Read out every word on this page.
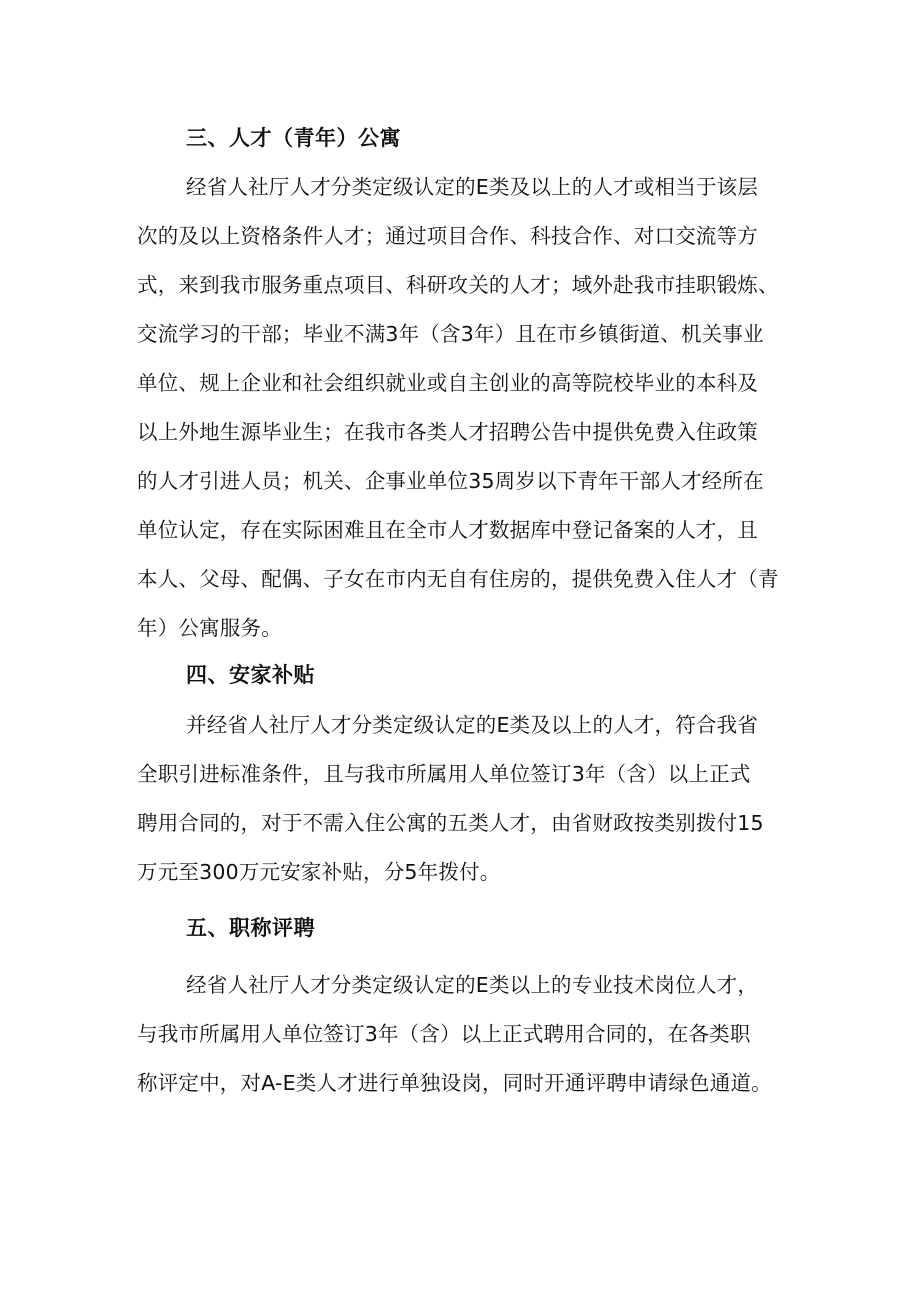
三、人才（青年）公寓
经省人社厅人才分类定级认定的E类及以上的人才或相当于该层
次的及以上资格条件人才；通过项目合作、科技合作、对口交流等方
式，来到我市服务重点项目、科研攻关的人才；域外赴我市挂职锻炼、
交流学习的干部；毕业不满3年（含3年）且在市乡镇街道、机关事业
单位、规上企业和社会组织就业或自主创业的高等院校毕业的本科及
以上外地生源毕业生；在我市各类人才招聘公告中提供免费入住政策
的人才引进人员；机关、企事业单位35周岁以下青年干部人才经所在
单位认定，存在实际困难且在全市人才数据库中登记备案的人才，且
本人、父母、配偶、子女在市内无自有住房的，提供免费入住人才（青
年）公寓服务。
四、安家补贴
并经省人社厅人才分类定级认定的E类及以上的人才，符合我省
全职引进标准条件，且与我市所属用人单位签订3年（含）以上正式
聘用合同的，对于不需入住公寓的五类人才，由省财政按类别拨付15
万元至300万元安家补贴，分5年拨付。
五、职称评聘
经省人社厅人才分类定级认定的E类以上的专业技术岗位人才，
与我市所属用人单位签订3年（含）以上正式聘用合同的，在各类职
称评定中，对A-E类人才进行单独设岗，同时开通评聘申请绿色通道。
